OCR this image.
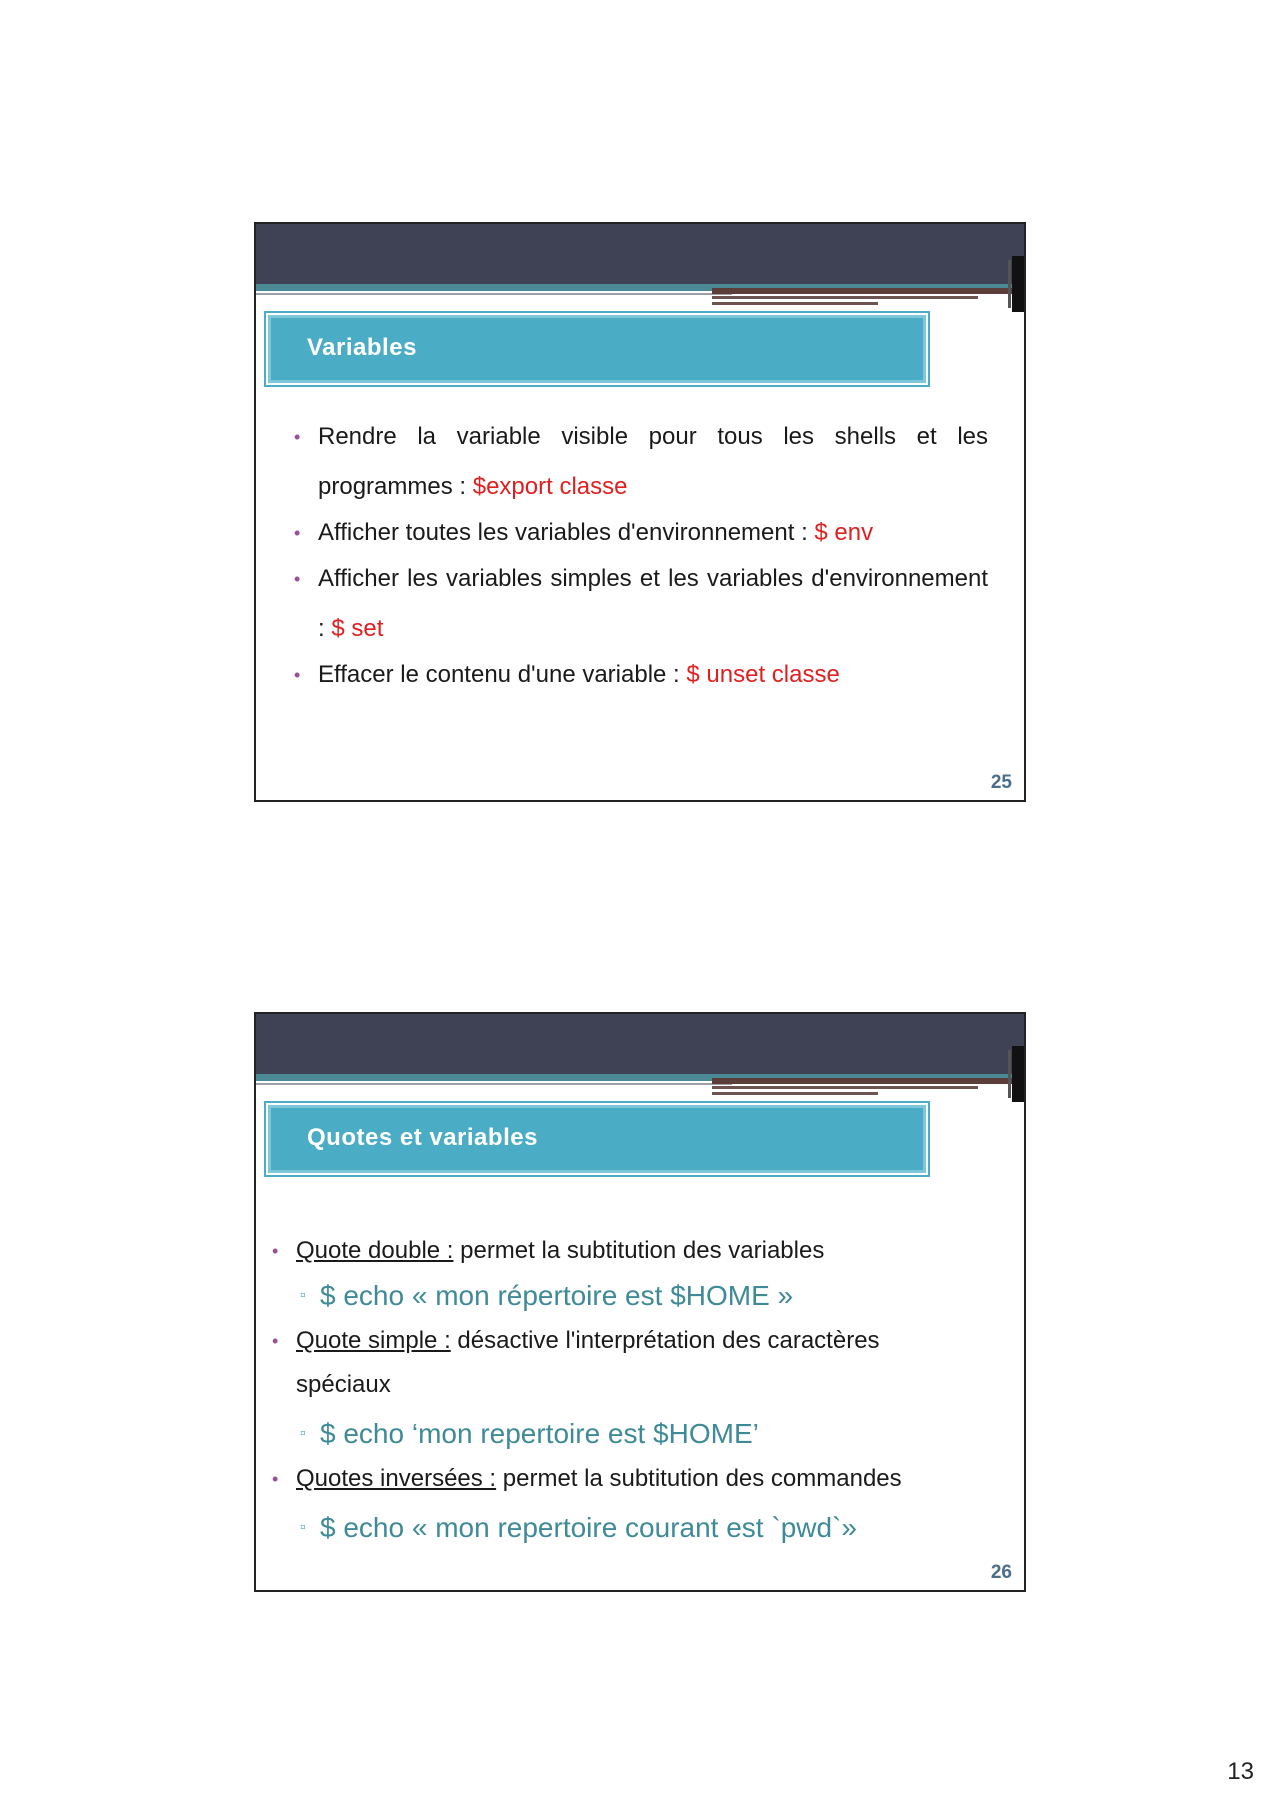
Variables
• Rendre la variable visible pour tous les shells et les programmes : $export classe
• Afficher toutes les variables d'environnement : $ env
• Afficher les variables simples et les variables d'environnement : $ set
• Effacer le contenu d'une variable : $ unset classe
25
Quotes et variables
• Quote double : permet la subtitution des variables
▫ $ echo « mon répertoire est $HOME »
• Quote simple : désactive l'interprétation des caractères spéciaux
▫ $ echo ‘mon repertoire est $HOME’
• Quotes inversées : permet la subtitution des commandes
▫ $ echo « mon repertoire courant est `pwd`»
26
13
